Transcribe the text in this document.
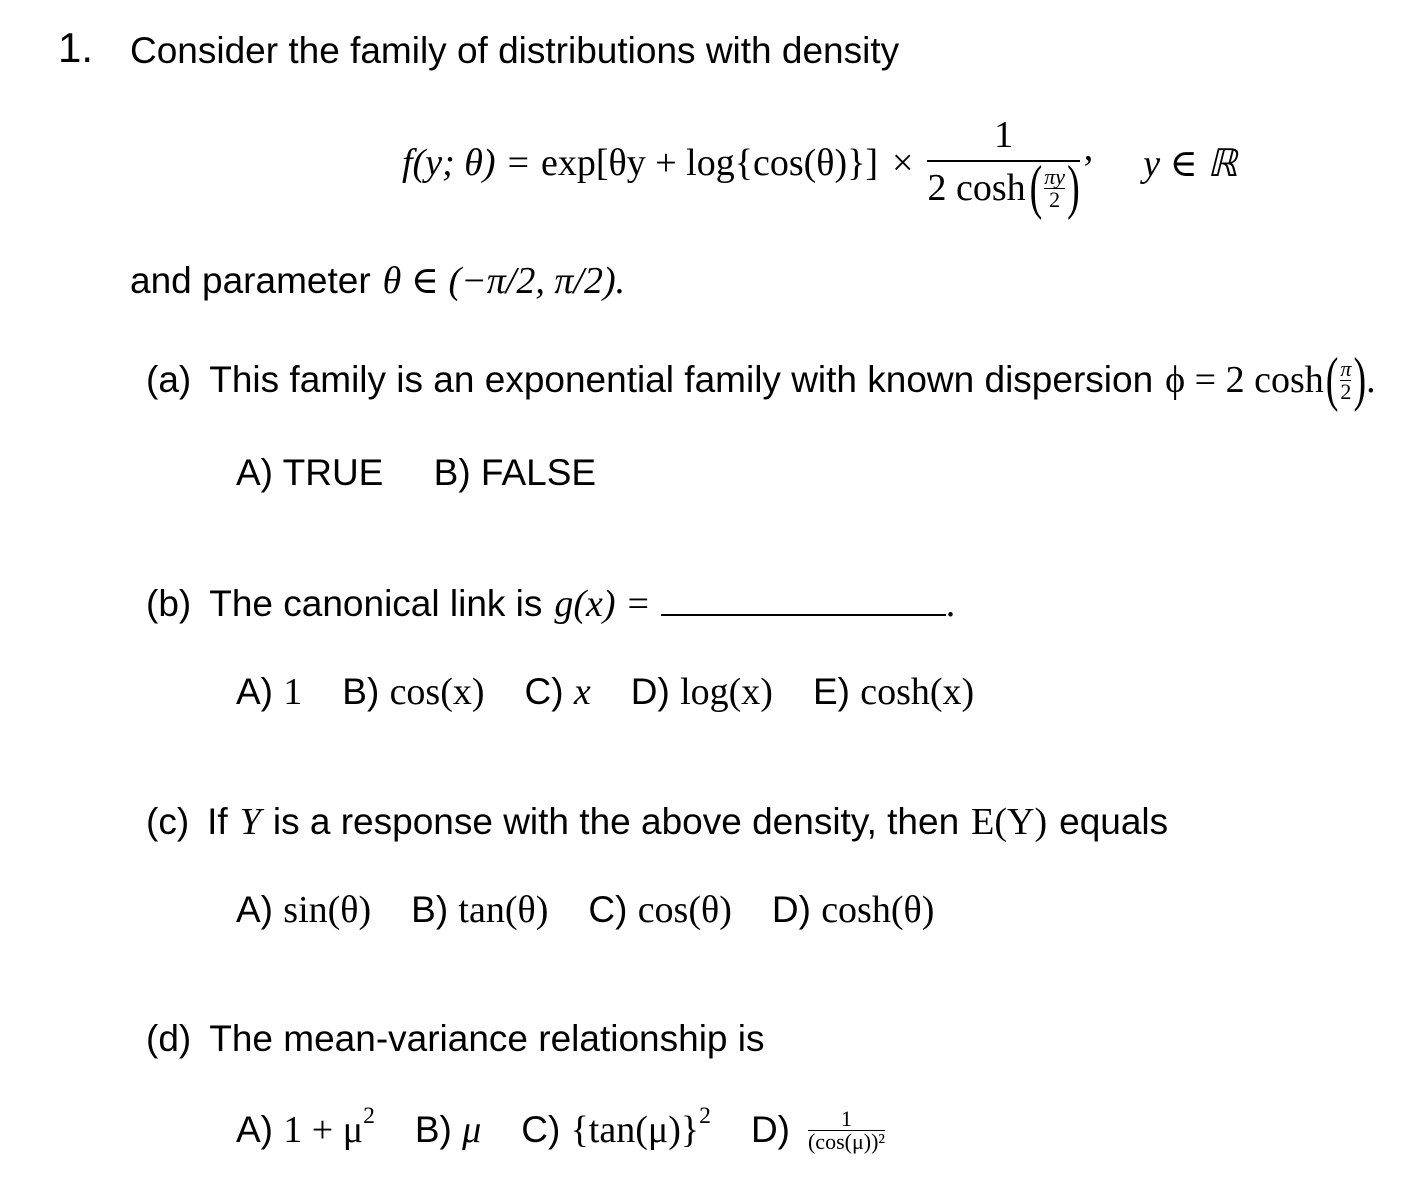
1. Consider the family of distributions with density
f(y; θ) = exp[θy + log{cos(θ)}] ×
1
2 cosh ( $\frac{\pi y}{2}$ )
, y ∈ ℝ
and parameter θ ∈ (−π/2, π/2).
(a) This family is an exponential family with known dispersion ϕ = 2 cosh ( $\frac{\pi}{2}$ ) .
A) TRUE B) FALSE
(b) The canonical link is g(x) =	.
A) 1 B) cos(x) C) x D) log(x) E) cosh(x)
(c) If Y is a response with the above density, then E(Y) equals
A) sin(θ) B) tan(θ) C) cos(θ) D) cosh(θ)
(d) The mean-variance relationship is
A) $1 + \mu^2$ B) μ C) $\{\tan(\mu)\}^2$ $D) \frac{1}{\text{(cos(μ))²}}$
